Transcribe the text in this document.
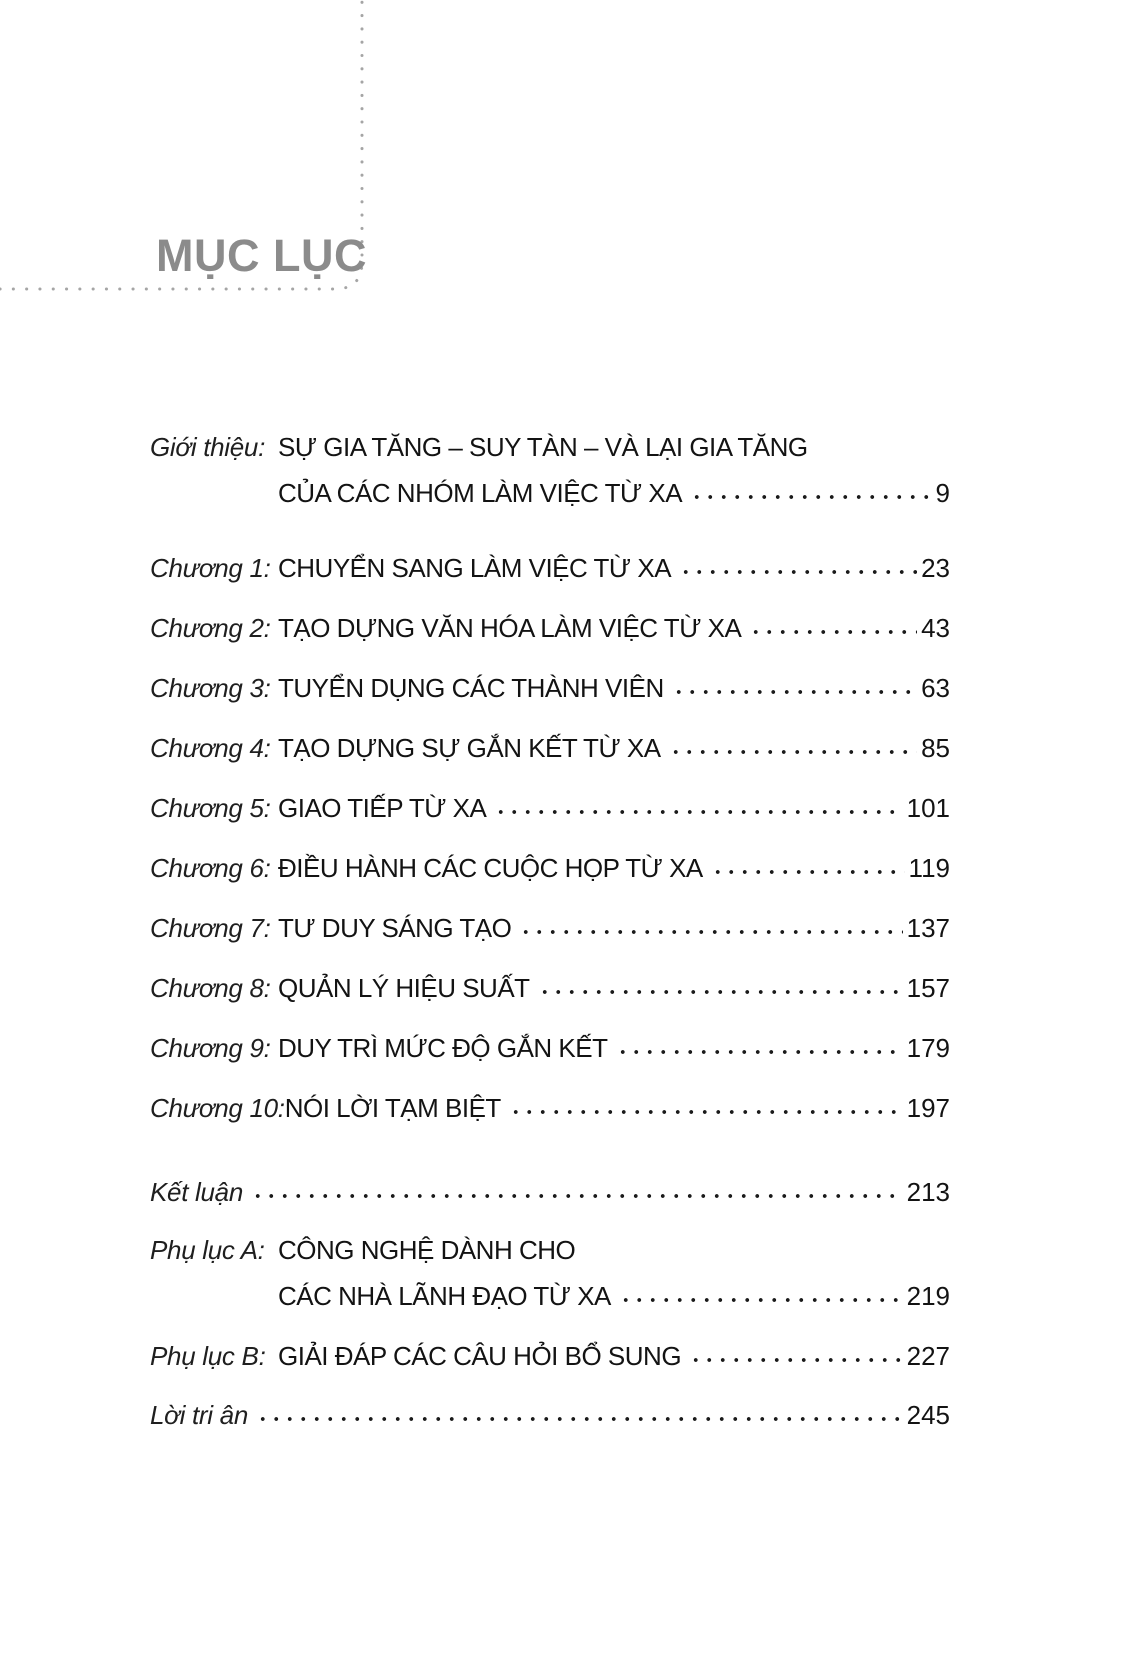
MỤC LỤC
Giới thiệu: SỰ GIA TĂNG – SUY TÀN – VÀ LẠI GIA TĂNG
CỦA CÁC NHÓM LÀM VIỆC TỪ XA	9
Chương 1: CHUYỂN SANG LÀM VIỆC TỪ XA	23
Chương 2: TẠO DỰNG VĂN HÓA LÀM VIỆC TỪ XA	43
Chương 3: TUYỂN DỤNG CÁC THÀNH VIÊN	63
Chương 4: TẠO DỰNG SỰ GẮN KẾT TỪ XA	85
Chương 5: GIAO TIẾP TỪ XA	101
Chương 6: ĐIỀU HÀNH CÁC CUỘC HỌP TỪ XA	119
Chương 7: TƯ DUY SÁNG TẠO	137
Chương 8: QUẢN LÝ HIỆU SUẤT	157
Chương 9: DUY TRÌ MỨC ĐỘ GẮN KẾT	179
Chương 10: NÓI LỜI TẠM BIỆT	197
Kết luận	213
Phụ lục A: CÔNG NGHỆ DÀNH CHO
CÁC NHÀ LÃNH ĐẠO TỪ XA	219
Phụ lục B: GIẢI ĐÁP CÁC CÂU HỎI BỔ SUNG	227
Lời tri ân	245
